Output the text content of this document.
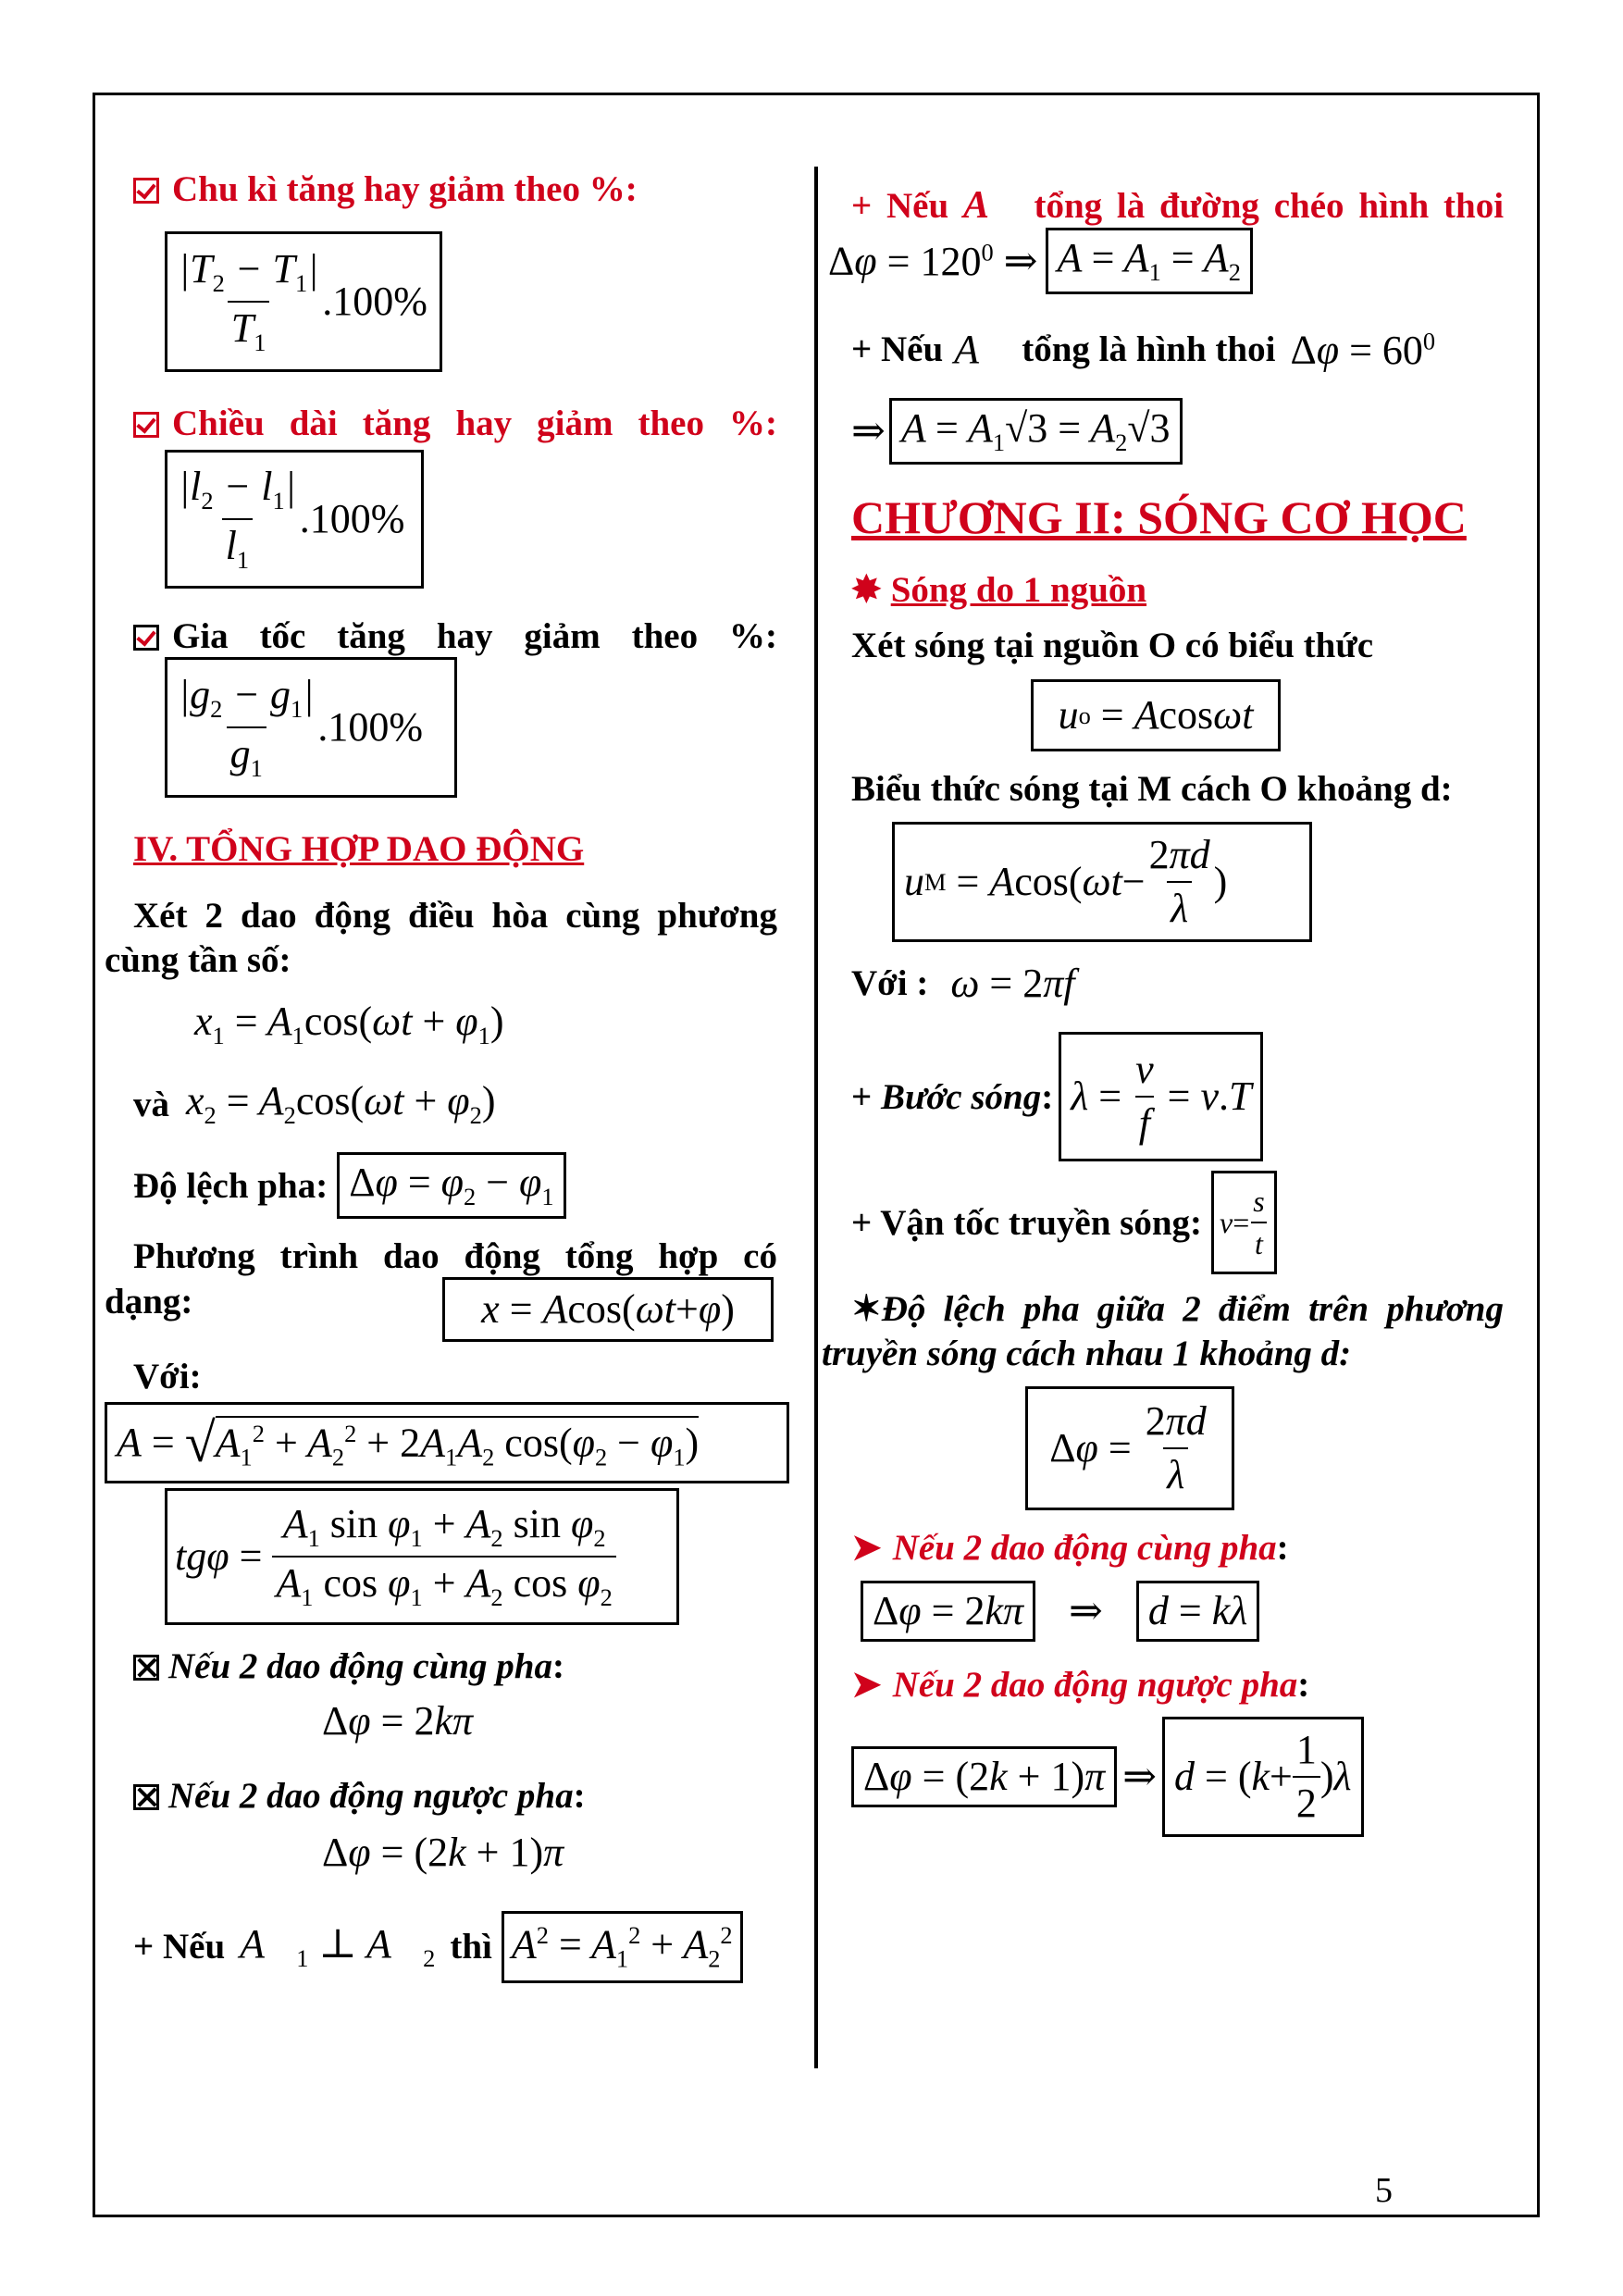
Chu kì tăng hay giảm theo %:
$\frac{|T_2 - T_1|}{T_1} .100\%$
Chiều dài tăng hay giảm theo %:
$\frac{|l_2 - l_1|}{l_1} .100\%$
Gia tốc tăng hay giảm theo %:
$\frac{|g_2 - g_1|}{g_1} .100\%$
IV. TỔNG HỢP DAO ĐỘNG
Xét 2 dao động điều hòa cùng phương
cùng tần số:
$x_1 = A_1\cos(\omega t + \varphi_1)$
và $x_2 = A_2\cos(\omega t + \varphi_2)$
Độ lệch pha: $\Delta\varphi = \varphi_2 - \varphi_1$
Phương trình dao động tổng hợp có
dạng:	x = A cos( ωt + φ )
Với:
A = √ $A_1^2 + A_2^2 + 2A_1A_2$ $\cos(\varphi_2 - \varphi_1)$
$tg\varphi = \frac{A_1 \sin \varphi_1 + A_2 \sin \varphi_2}{A_1 \cos \varphi_1 + A_2 \cos \varphi_2}$
Nếu 2 dao động cùng pha:
Δφ = 2kπ
Nếu 2 dao động ngược pha:
Δφ = (2k + 1)π
+ Nếu $A⃗_1$ ⊥ $A⃗_2$ thì $A^2 = A_1^2 + A_2^2$
+ Nếu A⃗ tổng là đường chéo hình thoi
$\Delta\varphi = 120^0$ ⇒ $A = A_1 = A_2$
+ Nếu A⃗ tổng là hình thoi $\Delta\varphi = 60^0$
⇒ $A = A_1√3 = A_2√3$
CHƯƠNG II: SÓNG CƠ HỌC
✸ Sóng do 1 nguồn
Xét sóng tại nguồn O có biểu thức
u o = A cos ωt
Biểu thức sóng tại M cách O khoảng d:
u M = A cos( $\omega t - \frac{2\pi d}{\lambda}$ )
Với : ω = 2πf
+ Bước sóng: $\lambda = \frac{v}{f} = v$ . T
+ Vận tốc truyền sóng: $v = \frac{s}{t}$
✶Độ lệch pha giữa 2 điểm trên phương
truyền sóng cách nhau 1 khoảng d:
Δ $\varphi = \frac{2\pi d}{\lambda}$
➤ Nếu 2 dao động cùng pha:
Δφ = 2kπ ⇒ d = kλ
➤ Nếu 2 dao động ngược pha:
Δφ = (2k + 1)π ⇒ d = ( $k + \frac{1}{2}$ ) λ
5
